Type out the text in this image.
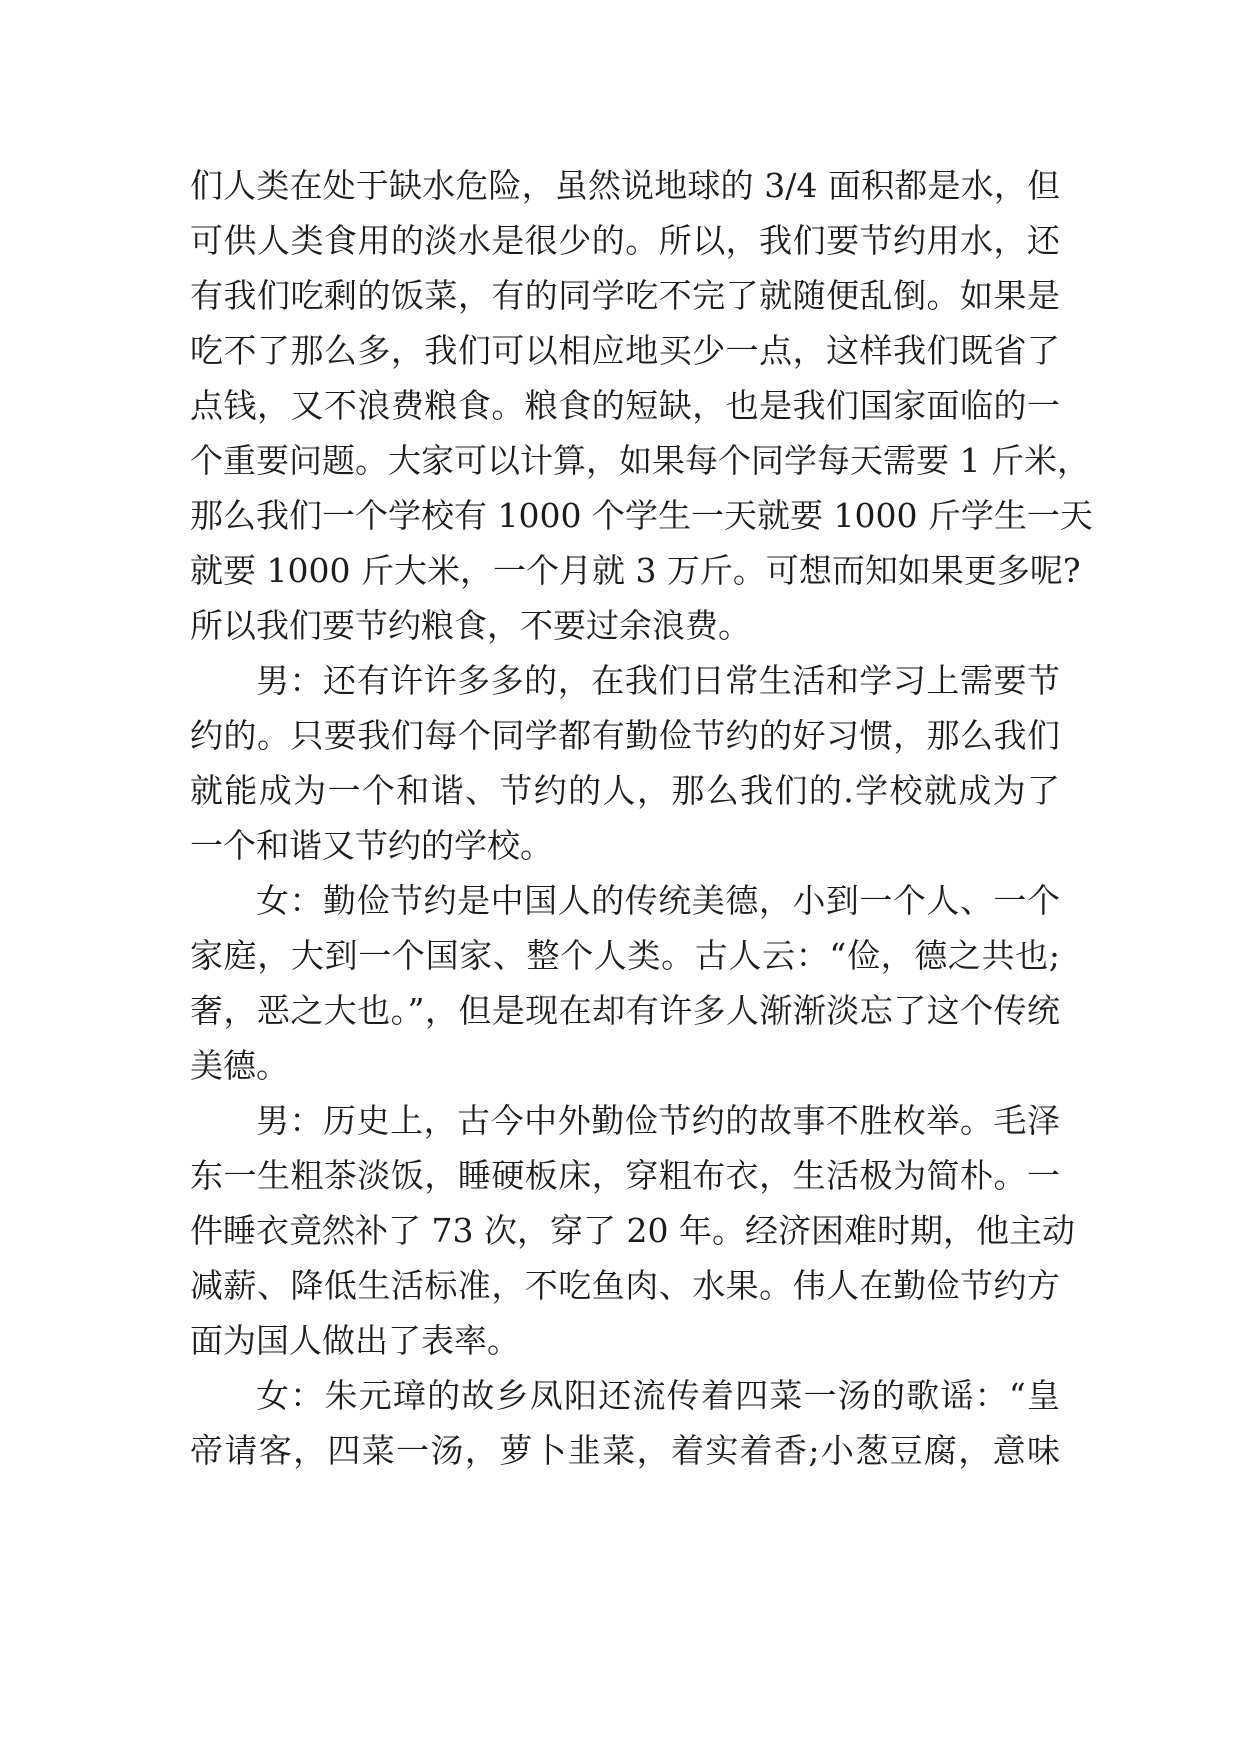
们人类在处于缺水危险，虽然说地球的 3/4 面积都是水，但
可供人类食用的淡水是很少的。所以，我们要节约用水，还
有我们吃剩的饭菜，有的同学吃不完了就随便乱倒。如果是
吃不了那么多，我们可以相应地买少一点，这样我们既省了
点钱，又不浪费粮食。粮食的短缺，也是我们国家面临的一
个重要问题。大家可以计算，如果每个同学每天需要 1 斤米，
那么我们一个学校有 1000 个学生一天就要 1000 斤学生一天
就要 1000 斤大米，一个月就 3 万斤。可想而知如果更多呢?
所以我们要节约粮食，不要过余浪费。
男：还有许许多多的，在我们日常生活和学习上需要节
约的。只要我们每个同学都有勤俭节约的好习惯，那么我们
就能成为一个和谐、节约的人，那么我们的.学校就成为了
一个和谐又节约的学校。
女：勤俭节约是中国人的传统美德，小到一个人、一个
家庭，大到一个国家、整个人类。古人云：“俭，德之共也;
奢，恶之大也。”，但是现在却有许多人渐渐淡忘了这个传统
美德。
男：历史上，古今中外勤俭节约的故事不胜枚举。毛泽
东一生粗茶淡饭，睡硬板床，穿粗布衣，生活极为简朴。一
件睡衣竟然补了 73 次，穿了 20 年。经济困难时期，他主动
减薪、降低生活标准，不吃鱼肉、水果。伟人在勤俭节约方
面为国人做出了表率。
女：朱元璋的故乡凤阳还流传着四菜一汤的歌谣：“皇
帝请客，四菜一汤，萝卜韭菜，着实着香;小葱豆腐，意味
